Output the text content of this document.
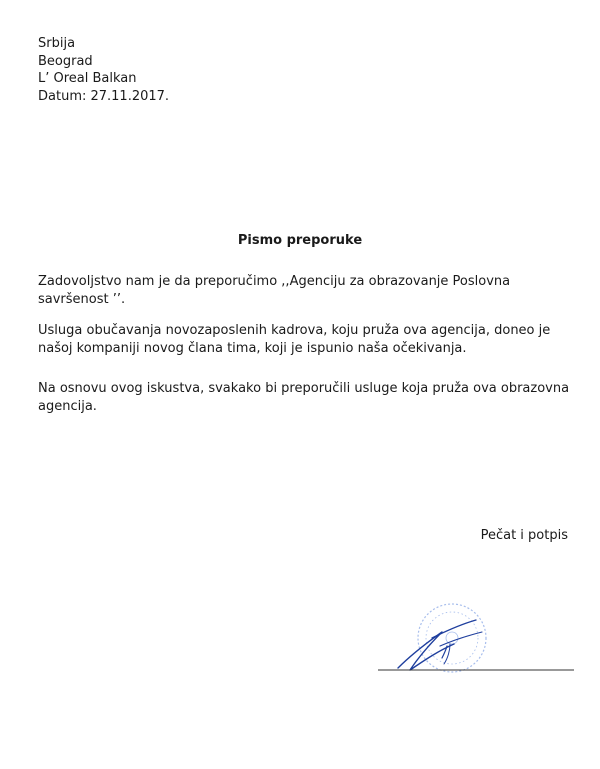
Srbija
Beograd
L’ Oreal Balkan
Datum: 27.11.2017.
Pismo preporuke
Zadovoljstvo nam je da preporučimo ,,Agenciju za obrazovanje Poslovna savršenost ’’.
Usluga obučavanja novozaposlenih kadrova, koju pruža ova agencija, doneo je našoj kompaniji novog člana tima, koji je ispunio naša očekivanja.
Na osnovu ovog iskustva, svakako bi preporučili usluge koja pruža ova obrazovna agencija.
Pečat i potpis
